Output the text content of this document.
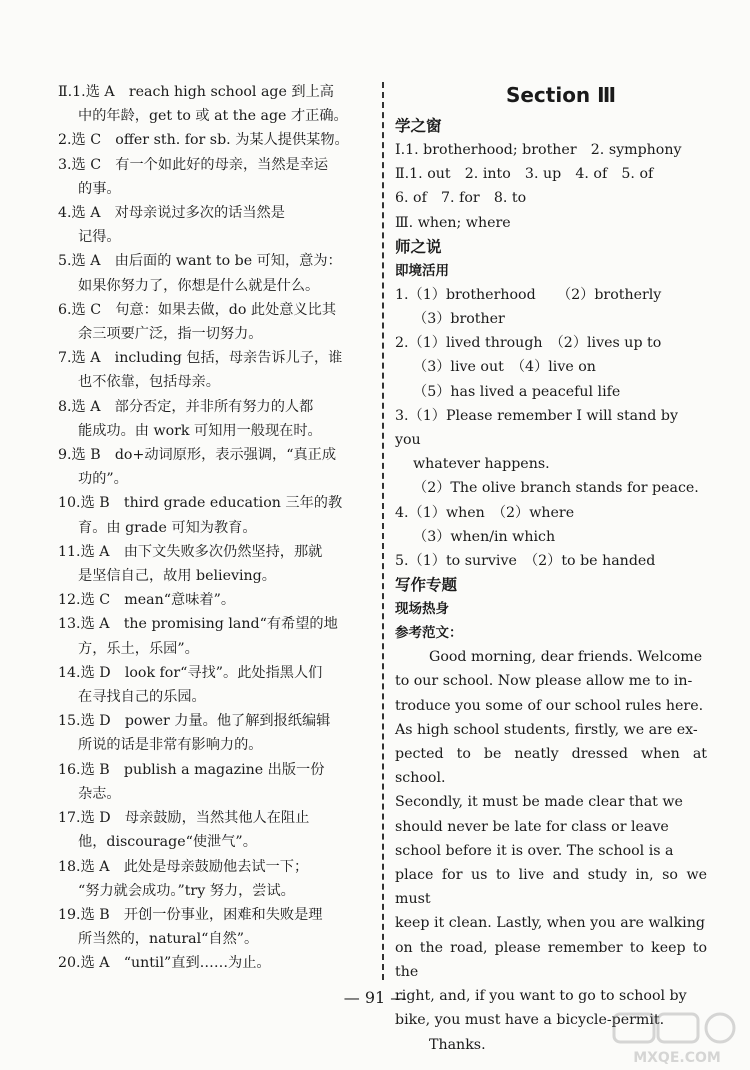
Ⅱ.1.选 A　reach high school age 到上高
中的年龄，get to 或 at the age 才正确。
2.选 C　offer sth. for sb. 为某人提供某物。
3.选 C　有一个如此好的母亲，当然是幸运
的事。
4.选 A　对母亲说过多次的话当然是
记得。
5.选 A　由后面的 want to be 可知，意为：
如果你努力了，你想是什么就是什么。
6.选 C　句意：如果去做，do 此处意义比其
余三项要广泛，指一切努力。
7.选 A　including 包括，母亲告诉儿子，谁
也不依靠，包括母亲。
8.选 A　部分否定，并非所有努力的人都
能成功。由 work 可知用一般现在时。
9.选 B　do+动词原形，表示强调，“真正成
功的”。
10.选 B　third grade education 三年的教
育。由 grade 可知为教育。
11.选 A　由下文失败多次仍然坚持，那就
是坚信自己，故用 believing。
12.选 C　mean“意味着”。
13.选 A　the promising land“有希望的地
方，乐土，乐园”。
14.选 D　look for“寻找”。此处指黑人们
在寻找自己的乐园。
15.选 D　power 力量。他了解到报纸编辑
所说的话是非常有影响力的。
16.选 B　publish a magazine 出版一份
杂志。
17.选 D　母亲鼓励，当然其他人在阻止
他，discourage“使泄气”。
18.选 A　此处是母亲鼓励他去试一下；
“努力就会成功。”try 努力，尝试。
19.选 B　开创一份事业，困难和失败是理
所当然的，natural“自然”。
20.选 A　“until”直到……为止。
Section Ⅲ
学之窗
Ⅰ.1. brotherhood; brother　2. symphony
Ⅱ.1. out　2. into　3. up　4. of　5. of
6. of　7. for　8. to
Ⅲ. when; where
师之说
即境活用
1.（1）brotherhood　　（2）brotherly
（3）brother
2.（1）lived through　（2）lives up to
（3）live out　（4）live on
（5）has lived a peaceful life
3.（1）Please remember I will stand by you
whatever happens.
（2）The olive branch stands for peace.
4.（1）when　（2）where
（3）when/in which
5.（1）to survive　（2）to be handed
写作专题
现场热身
参考范文：
Good morning, dear friends. Welcome
to our school. Now please allow me to in-
troduce you some of our school rules here.
As high school students, firstly, we are ex-
pected to be neatly dressed when at school.
Secondly, it must be made clear that we
should never be late for class or leave
school before it is over. The school is a
place for us to live and study in, so we must
keep it clean. Lastly, when you are walking
on the road, please remember to keep to the
right, and, if you want to go to school by
bike, you must have a bicycle-permit.
Thanks.
— 91 —
MXQE.COM
